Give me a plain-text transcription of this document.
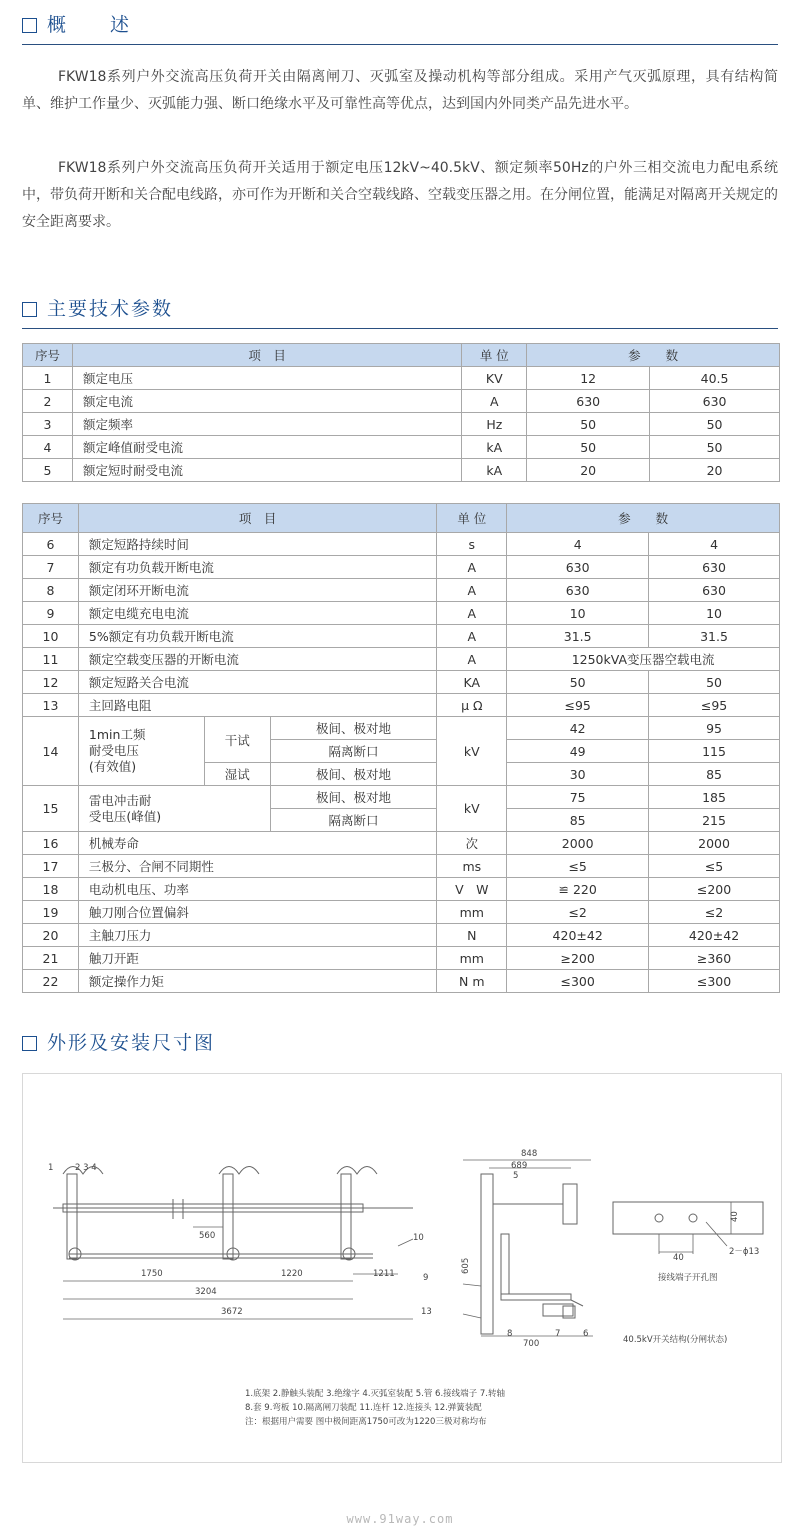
概　　述

FKW18系列户外交流高压负荷开关由隔离闸刀、灭弧室及操动机构等部分组成。采用产气灭弧原理，具有结构简单、维护工作量少、灭弧能力强、断口绝缘水平及可靠性高等优点，达到国内外同类产品先进水平。

FKW18系列户外交流高压负荷开关适用于额定电压12kV~40.5kV、额定频率50Hz的户外三相交流电力配电系统中，带负荷开断和关合配电线路，亦可作为开断和关合空载线路、空载变压器之用。在分闸位置，能满足对隔离开关规定的安全距离要求。

主要技术参数
序号	项　目	单 位	参　　数	
1	额定电压	KV	12	40.5
2	额定电流	A	630	630
3	额定频率	Hz	50	50
4	额定峰值耐受电流	kA	50	50
5	额定短时耐受电流	kA	20	20
序号	项　目			单 位	参　　数	
6	额定短路持续时间			s	4	4
7	额定有功负载开断电流			A	630	630
8	额定闭环开断电流			A	630	630
9	额定电缆充电电流			A	10	10
10	5%额定有功负载开断电流			A	31.5	31.5
11	额定空载变压器的开断电流			A	1250kVA变压器空载电流	
12	额定短路关合电流			KA	50	50
13	主回路电阻			μ Ω	≤95	≤95
14	1min工频
耐受电压
(有效值)	干试	极间、极对地	kV	42	95
			隔离断口		49	115
		湿试	极间、极对地		30	85
15	雷电冲击耐
受电压(峰值)		极间、极对地	kV	75	185
			隔离断口		85	215
16	机械寿命			次	2000	2000
17	三极分、合闸不同期性			ms	≤5	≤5
18	电动机电压、功率			V　W	≌ 220	≤200
19	触刀刚合位置偏斜			mm	≤2	≤2
20	主触刀压力			N	420±42	420±42
21	触刀开距			mm	≥200	≥360
22	额定操作力矩			N m	≤300	≤300
外形及安装尺寸图
1	2 3 4
10
560
1750	1220	1211
3204
3672
848
689
5
605
9
13
8	7	6
700	40.5kV开关结构(分闸状态)
40
40
2－ϕ13
接线端子开孔图
1.底架 2.静触头装配 3.绝缘字 4.灭弧室装配 5.管 6.接线端子 7.转轴
8.套 9.弯板 10.隔离闸刀装配 11.连杆 12.连接头 12.弹簧装配
注：根据用户需要 图中极间距离1750可改为1220三极对称均布
www.91way.com
